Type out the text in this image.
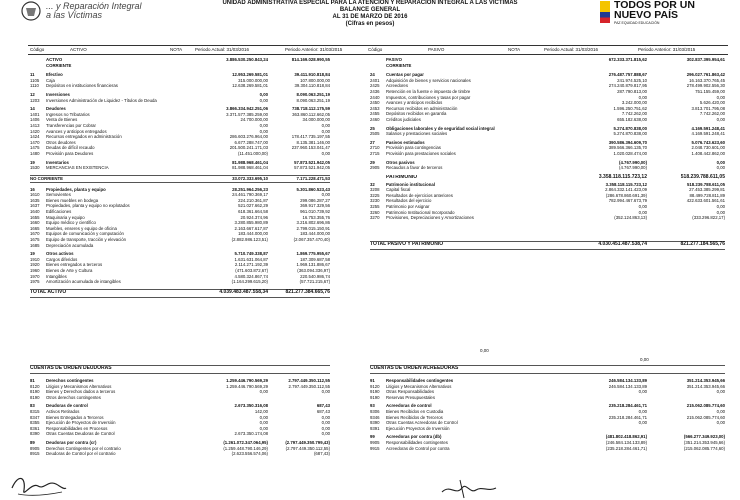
... y Reparación Integral
a las Víctimas
UNIDAD ADMINISTRATIVA ESPECIAL PARA LA ATENCION Y REPARACION INTEGRAL A LAS VICTIMAS
BALANCE GENERAL
AL 31 DE MARZO DE 2016
(Cifras en pesos)
TODOS POR UN
NUEVO PAÍS
PAZ EQUIDAD EDUCACIÓN
Código	ACTIVO	NOTA	Periodo Actual: 31/03/2016	Periodo Anterior: 31/03/2015	Código	PASIVO	NOTA	Periodo Actual: 31/03/2016	Periodo Anterior: 31/03/2015
ACTIVO	3.886.530.250.843,24	814.169.028.990,55
CORRIENTE
11	Efectivo	12.953.269.581,01	39.411.910.818,84
1105	Caja	315.000.000,00	107.800.000,00
1110	Depósitos en instituciones financieras	12.638.269.581,01	39.304.110.818,84
12	Inversiones	0,00	8.090.063.251,19
1203	Inversiones Administración de Liquidez - Títulos de Deuda	0,00	8.090.063.251,19
14	Deudores	3.866.334.942.251,06	738.718.112.175,59
1401	Ingresos no Tributarios	3.371.577.385.259,00	363.860.112.662,05
1406	Venta de Bienes	24.700.000,00	34.000.000,00
1413	Transferencias por Cobrar	0,00	0,00
1420	Avances y anticipos entregados	0,00	0,00
1424	Recursos entregados en administración	286.603.276.964,00	178.417.735.197,55
1470	Otros deudores	6.677.288.747,00	8.135.381.146,00
1475	Deudas de difícil recaudo	201.500.241.171,03	237.960.153.041,47
1480	Provisión para Deudores	(11.451.000,00)	0,00
19	Inventarios	81.988.968.461,04	57.873.521.942,05
1530	MERCANCIAS EN EXISTENCIA	81.988.968.461,04	57.873.521.942,05
NO CORRIENTE	33.072.333.695,10	7.171.228.471,53
16	Propiedades, planta y equipo	28.251.964.256,23	5.301.860.523,43
1610	Semovientes	24.461.790.369,17	0,00
1635	Bienes muebles en bodega	224.210.361,87	299.086.287,27
1637	Propiedades, planta y equipo no explotados	521.027.662,29	369.917.329,56
1640	Edificaciones	618.361.664,58	961.010.739,92
1655	Maquinaria y equipo	20.924.374,96	16.753.355,76
1660	Equipo médico y científico	3.280.855.980,89	3.216.802.696,86
1665	Muebles, enseres y equipo de oficina	2.163.667.617,87	2.799.015.150,91
1670	Equipos de comunicación y computación	183.444.000,00	183.444.000,00
1675	Equipo de transporte, tracción y elevación	(2.882.986.123,51)	(2.067.357.470,40)
1685	Depreciación acumulada
19	Otros activos	5.710.749.338,87	1.869.775.955,67
1910	Cargos diferidos	1.631.631.064,87	187.309.687,58
1920	Bienes entregados a terceros	2.114.271.192,39	1.969.131.886,67
1960	Bienes de Arte y Cultura	(471.603.872,67)	(363.094.336,97)
1970	Intangibles	4.580.324.867,74	220.540.986,74
1975	Amortización acumulada de intangibles	(1.164.299.615,20)	(57.721.215,67)
TOTAL ACTIVO	4.039.483.487.558,34	821.277.384.665,76
PASIVO	672.333.371.815,62	302.837.395.954,61
CORRIENTE
24	Cuentas por pagar	276.487.757.888,67	296.027.761.863,42
2401	Adquisición de bienes y servicios nacionales	241.974.525,10	16.163.370.765,45
2425	Acreedores	274.240.879.817,95	278.499.902.556,30
2436	Retención en la fuente e impuesto de timbre	287.790.813,00	751.155.459,00
2440	Impuestos, contribuciones y tasas por pagar	0,00	0,00
2450	Avances y anticipos recibidos	3.242.000,00	5.626.420,00
2453	Recursos recibidos en administración	1.596.250.751,62	3.813.701.795,08
2455	Depósitos recibidos en garantía	7.742.262,00	7.742.262,00
2460	Créditos judiciales	655.182.638,00	0,00
25	Obligaciones laborales y de seguridad social integral	5.274.870.838,00	4.169.591.248,41
2505	Salarios y prestaciones sociales	5.274.870.838,00	4.169.591.248,41
27	Pasivos estimados	390.586.394.609,70	5.076.743.623,60
2710	Provisión para contingencias	389.566.366.135,70	2.048.730.601,00
2715	Provisión para prestaciones sociales	1.020.028.474,00	1.408.442.862,00
29	Otros pasivos	(4.767.990,00)	0,00
2905	Recaudos a favor de terceros	(4.767.990,00)	0,00
PATRIMONIO	3.358.118.115.723,12	518.239.788.611,05
32	Patrimonio institucional	3.358.118.115.723,12	518.239.788.611,05
3208	Capital fiscal	2.864.332.141.423,09	27.453.385.299,81
3225	Resultados de ejercicios anteriores	(286.678.860.691,39)	88.499.728.811,89
3230	Resultados del ejercicio	782.994.467.673,79	422.633.601.561,61
3255	Patrimonio por Asignar	0,00	0,00
3260	Patrimonio Institucional Incorporado	0,00	0,00
3270	Provisiones, Depreciaciones y Amortizaciones	(352.124.863,13)	(333.296.822,17)
TOTAL PASIVO Y PATRIMONIO	4.030.451.487.538,74	821.277.184.565,76
0,00
0,00
CUENTAS DE ORDEN DEUDORAS
81	Derechos contingentes	1.259.446.790.569,29	2.797.449.350.112,55
8120	Litigios y Mecanismos Alternativos	1.259.446.790.569,29	2.797.449.350.112,55
8190	Bienes y Derechos dados a terceros	0,00	0,00
8190	Otros derechos contingentes
83	Deudoras de control	2.673.350.316,08	687,43
8315	Activos Retirados	142,00	687,43
8347	Bienes Entregados a Terceros	0,00	0,00
8355	Ejecución de Proyectos de Inversión	0,00	0,00
8361	Responsabilidades en Procesos	0,00	0,00
8390	Otras Cuentas Deudoras de Control	2.673.350.174,08	0,00
89	Deudoras por contra (cr)	(1.261.072.347.064,95)	(2.797.449.350.799,43)
8905	Derechos Contingentes por el contrario	(1.259.448.790.146,29)	(2.797.449.350.112,55)
8915	Deudoras de Control por el contrario	(2.623.556.574,06)	(687,43)
CUENTAS DE ORDEN ACREEDORAS
91	Responsabilidades contingentes	246.584.134.133,89	351.214.353.945,66
9120	Litigios y Mecanismos Alternativos	246.584.134.133,89	351.214.353.945,66
9190	Otras Responsabilidades	0,00	0,00
9190	Reservas Presupuestales
93	Acreedoras de control	235.218.284.461,71	215.062.085.774,60
9306	Bienes Recibidos en Custodia	0,00	0,00
9346	Bienes Recibidos de Terceros	235.218.284.461,71	215.062.085.774,60
9390	Otras Cuentas Acreedoras de Control	0,00	0,00
9391	Ejecución Proyectos de Inversión
99	Acreedoras por contra (db)	(481.802.418.862,91)	(566.277.349.923,00)
9905	Responsabilidades contingentes	(246.584.134.133,89)	(351.214.353.945,66)
9915	Acreedoras de Control por contra	(235.218.284.461,71)	(215.062.085.774,60)
